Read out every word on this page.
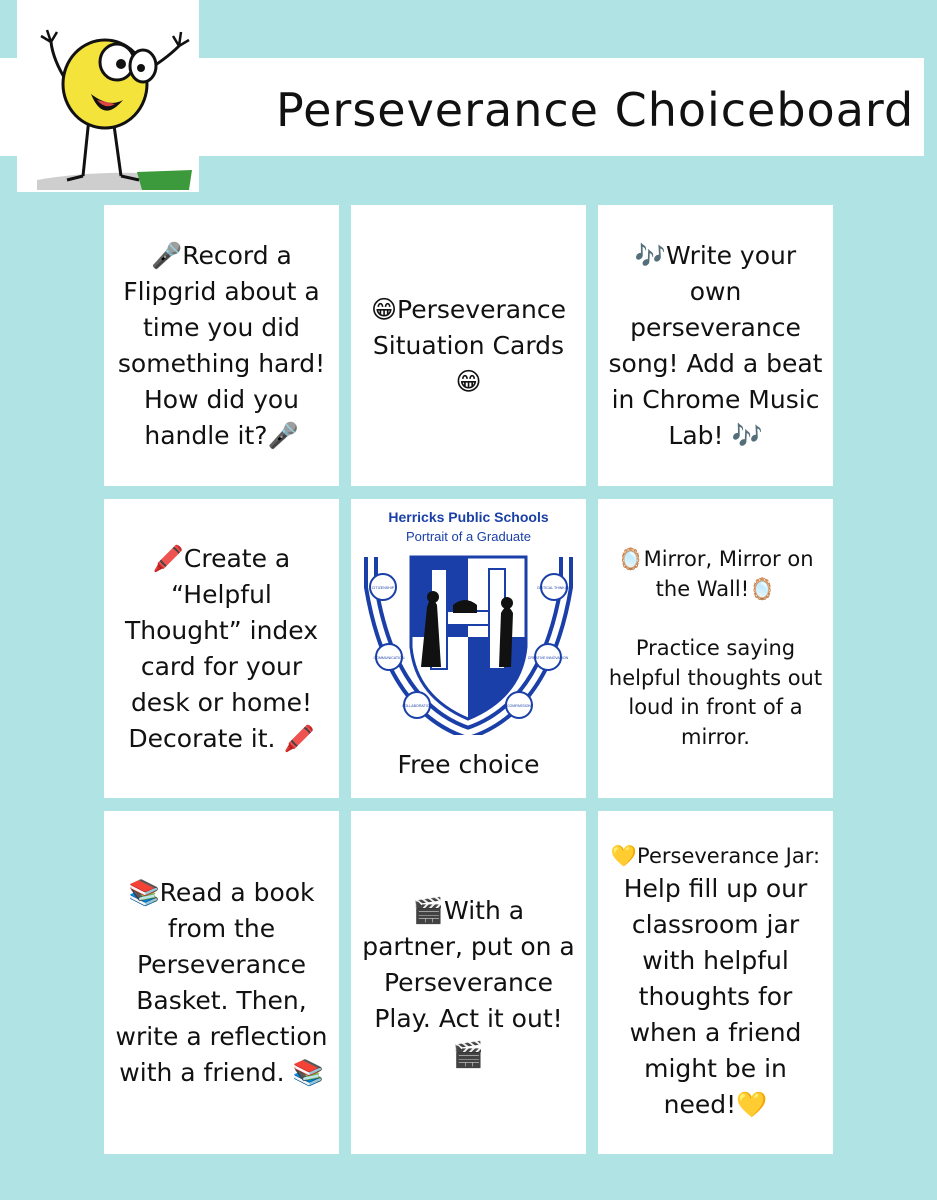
Perseverance Choiceboard
🎤Record a Flipgrid about a time you did something hard! How did you handle it?🎤
😁Perseverance Situation Cards 😁
🎶Write your own perseverance song! Add a beat in Chrome Music Lab! 🎶
🖍️Create a “Helpful Thought” index card for your desk or home! Decorate it. 🖍️
Herricks Public Schools
Portrait of a Graduate
CITIZENSHIP	CRITICAL THINKING
COMMUNICATION	CREATIVE INNOVATION
COLLABORATION	COMPASSION
Free choice
🪞Mirror, Mirror on the Wall!🪞
Practice saying helpful thoughts out loud in front of a mirror.
📚Read a book from the Perseverance Basket. Then, write a reflection with a friend. 📚
🎬With a partner, put on a Perseverance Play. Act it out! 🎬
💛Perseverance Jar:
Help fill up our classroom jar with helpful thoughts for when a friend might be in need!💛
